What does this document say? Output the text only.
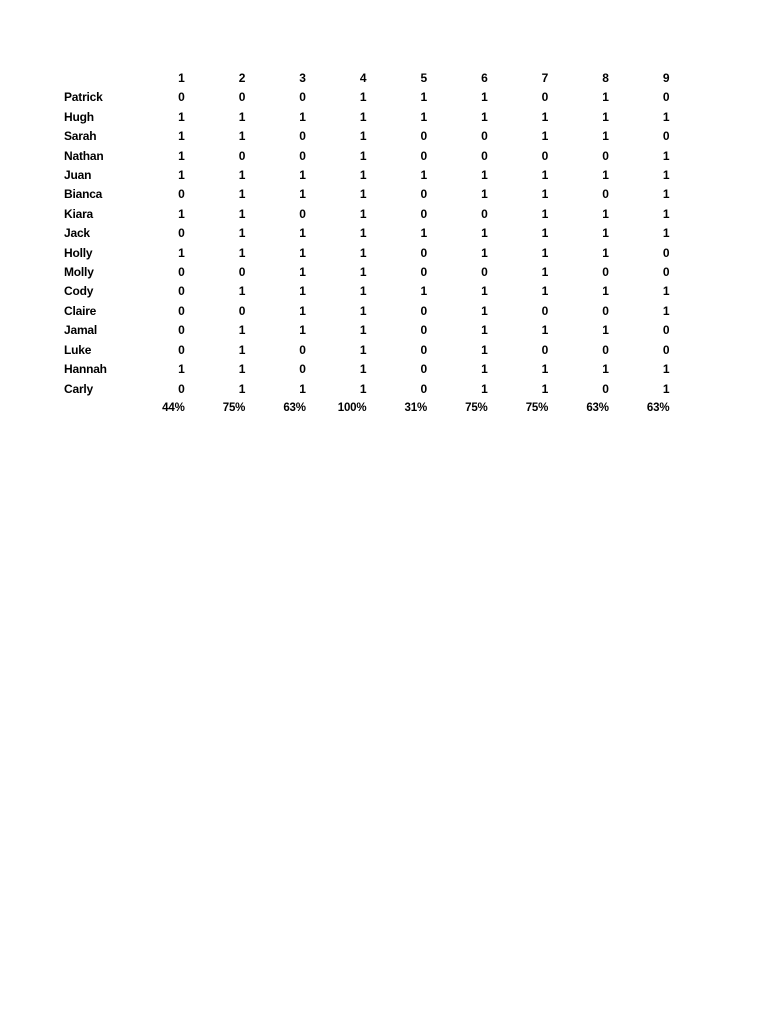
	1	2	3	4	5	6	7	8	9
Patrick	0	0	0	1	1	1	0	1	0
Hugh	1	1	1	1	1	1	1	1	1
Sarah	1	1	0	1	0	0	1	1	0
Nathan	1	0	0	1	0	0	0	0	1
Juan	1	1	1	1	1	1	1	1	1
Bianca	0	1	1	1	0	1	1	0	1
Kiara	1	1	0	1	0	0	1	1	1
Jack	0	1	1	1	1	1	1	1	1
Holly	1	1	1	1	0	1	1	1	0
Molly	0	0	1	1	0	0	1	0	0
Cody	0	1	1	1	1	1	1	1	1
Claire	0	0	1	1	0	1	0	0	1
Jamal	0	1	1	1	0	1	1	1	0
Luke	0	1	0	1	0	1	0	0	0
Hannah	1	1	0	1	0	1	1	1	1
Carly	0	1	1	1	0	1	1	0	1
	44%	75%	63%	100%	31%	75%	75%	63%	63%
